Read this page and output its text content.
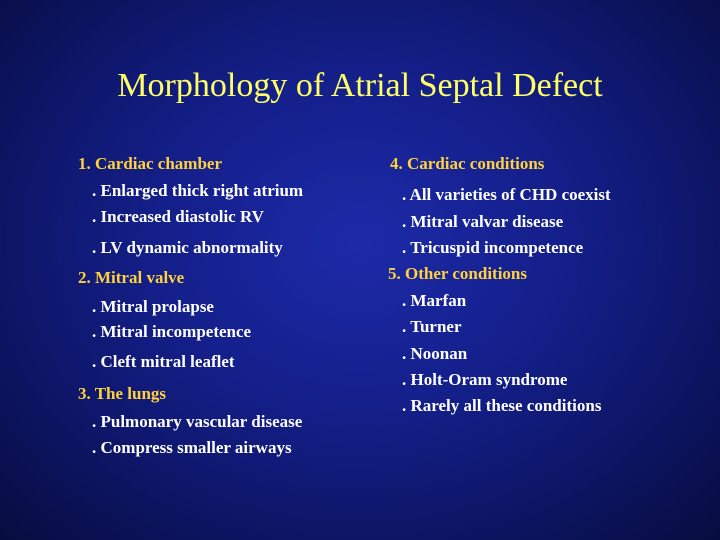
Morphology of Atrial Septal Defect
1. Cardiac chamber
. Enlarged thick right atrium
. Increased diastolic RV
. LV dynamic abnormality
2. Mitral valve
. Mitral prolapse
. Mitral incompetence
. Cleft mitral leaflet
3. The lungs
. Pulmonary vascular disease
. Compress smaller airways
4. Cardiac conditions
. All varieties of CHD coexist
. Mitral valvar disease
. Tricuspid incompetence
5. Other conditions
. Marfan
. Turner
. Noonan
. Holt-Oram syndrome
. Rarely all these conditions
